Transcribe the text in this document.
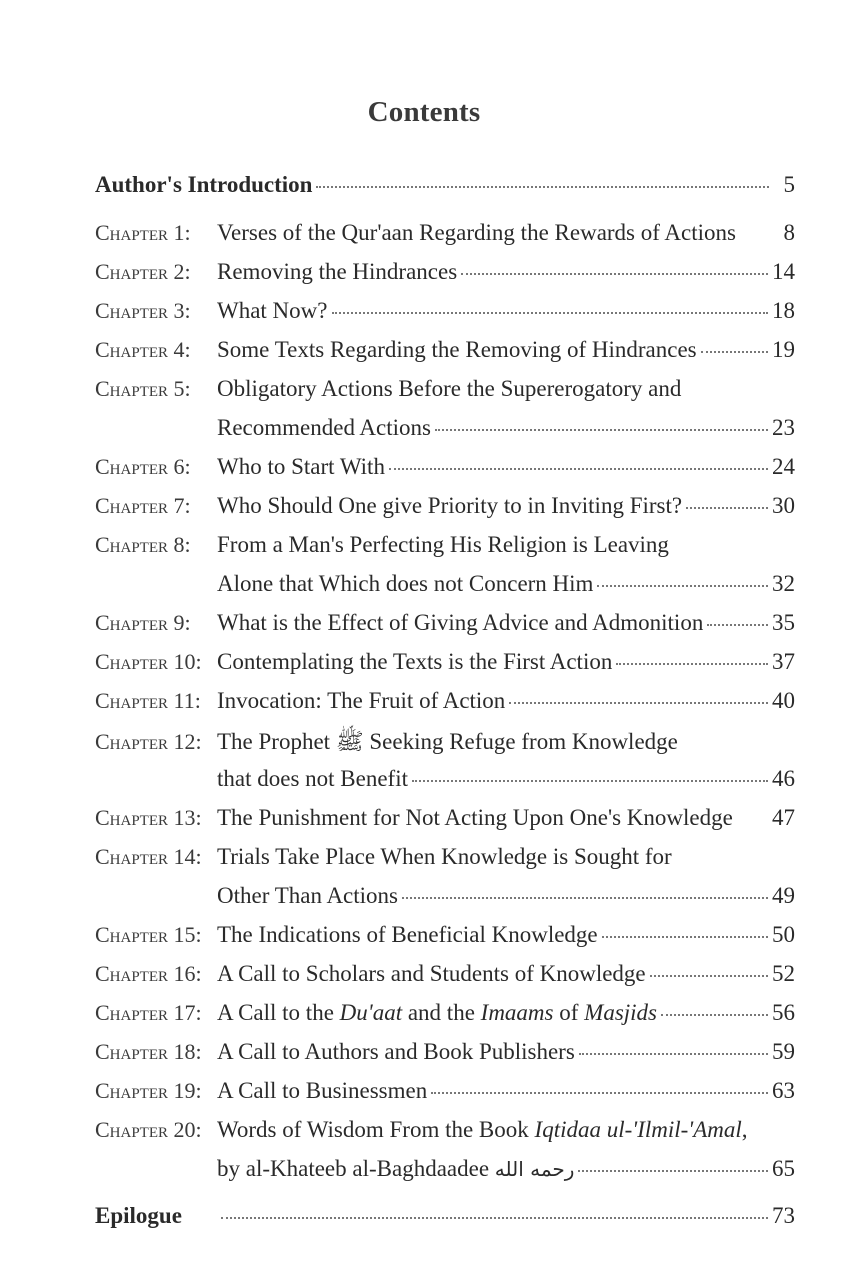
Contents
Author's Introduction	5
Chapter 1:	Verses of the Qur'aan Regarding the Rewards of Actions	8
Chapter 2:	Removing the Hindrances	14
Chapter 3:	What Now?	18
Chapter 4:	Some Texts Regarding the Removing of Hindrances	19
Chapter 5:	Obligatory Actions Before the Supererogatory and
Recommended Actions	23
Chapter 6:	Who to Start With	24
Chapter 7:	Who Should One give Priority to in Inviting First?	30
Chapter 8:	From a Man's Perfecting His Religion is Leaving
Alone that Which does not Concern Him	32
Chapter 9:	What is the Effect of Giving Advice and Admonition	35
Chapter 10: Contemplating the Texts is the First Action	37
Chapter 11: Invocation: The Fruit of Action	40
Chapter 12: The Prophet ﷺ Seeking Refuge from Knowledge
that does not Benefit	46
Chapter 13: The Punishment for Not Acting Upon One's Knowledge 47
Chapter 14: Trials Take Place When Knowledge is Sought for
Other Than Actions	49
Chapter 15: The Indications of Beneficial Knowledge	50
Chapter 16: A Call to Scholars and Students of Knowledge	52
Chapter 17: A Call to the Du'aat and the Imaams of Masjids	56
Chapter 18: A Call to Authors and Book Publishers	59
Chapter 19: A Call to Businessmen	63
Chapter 20: Words of Wisdom From the Book Iqtidaa ul-'Ilmil-'Amal,
by al-Khateeb al-Baghdaadee رحمه الله	65
Epilogue	73
